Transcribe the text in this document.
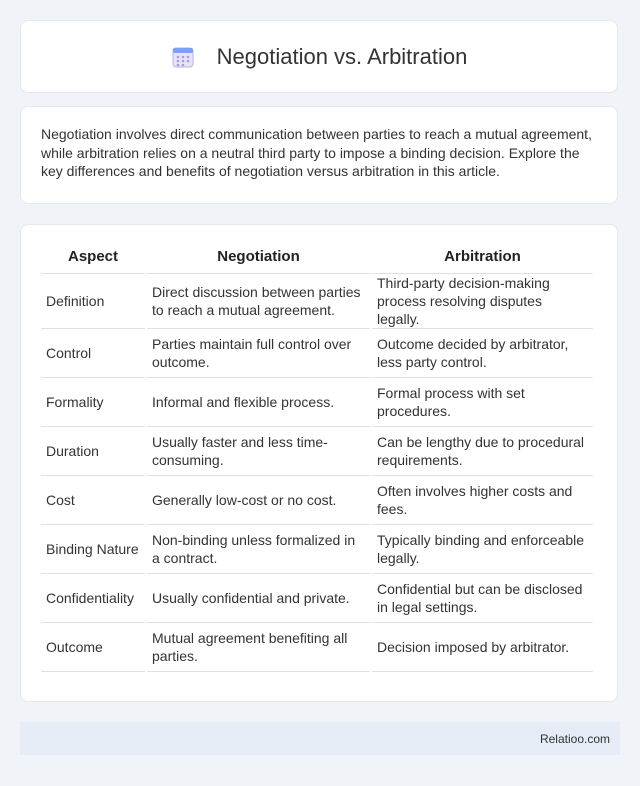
Negotiation vs. Arbitration

Negotiation involves direct communication between parties to reach a mutual agreement, while arbitration relies on a neutral third party to impose a binding decision. Explore the key differences and benefits of negotiation versus arbitration in this article.

Aspect	Negotiation	Arbitration
Definition	Direct discussion between parties to reach a mutual agreement.	Third-party decision-making process resolving disputes legally.
Control	Parties maintain full control over outcome.	Outcome decided by arbitrator, less party control.
Formality	Informal and flexible process.	Formal process with set procedures.
Duration	Usually faster and less time-consuming.	Can be lengthy due to procedural requirements.
Cost	Generally low-cost or no cost.	Often involves higher costs and fees.
Binding Nature	Non-binding unless formalized in a contract.	Typically binding and enforceable legally.
Confidentiality	Usually confidential and private.	Confidential but can be disclosed in legal settings.
Outcome	Mutual agreement benefiting all parties.	Decision imposed by arbitrator.
Relatioo.com
